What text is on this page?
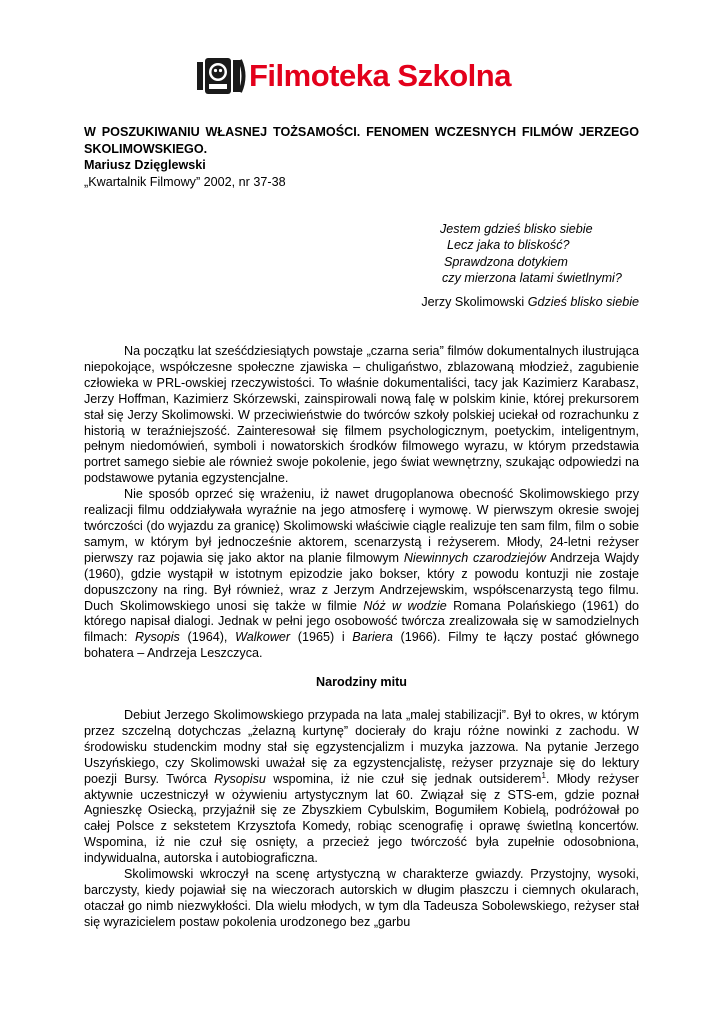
Filmoteka Szkolna
W POSZUKIWANIU WŁASNEJ TOŻSAMOŚCI. FENOMEN WCZESNYCH FILMÓW JERZEGO SKOLIMOWSKIEGO.
Mariusz Dzięglewski
„Kwartalnik Filmowy” 2002, nr 37-38
Jestem gdzieś blisko siebie
Lecz jaka to bliskość?
Sprawdzona dotykiem
czy mierzona latami świetlnymi?
Jerzy Skolimowski Gdzieś blisko siebie

Na początku lat sześćdziesiątych powstaje „czarna seria” filmów dokumentalnych ilustrująca niepokojące, współczesne społeczne zjawiska – chuligaństwo, zblazowaną młodzież, zagubienie człowieka w PRL-owskiej rzeczywistości. To właśnie dokumentaliści, tacy jak Kazimierz Karabasz, Jerzy Hoffman, Kazimierz Skórzewski, zainspirowali nową falę w polskim kinie, której prekursorem stał się Jerzy Skolimowski. W przeciwieństwie do twórców szkoły polskiej uciekał od rozrachunku z historią w teraźniejszość. Zainteresował się filmem psychologicznym, poetyckim, inteligentnym, pełnym niedomówień, symboli i nowatorskich środków filmowego wyrazu, w którym przedstawia portret samego siebie ale również swoje pokolenie, jego świat wewnętrzny, szukając odpowiedzi na podstawowe pytania egzystencjalne.

Nie sposób oprzeć się wrażeniu, iż nawet drugoplanowa obecność Skolimowskiego przy realizacji filmu oddziaływała wyraźnie na jego atmosferę i wymowę. W pierwszym okresie swojej twórczości (do wyjazdu za granicę) Skolimowski właściwie ciągle realizuje ten sam film, film o sobie samym, w którym był jednocześnie aktorem, scenarzystą i reżyserem. Młody, 24-letni reżyser pierwszy raz pojawia się jako aktor na planie filmowym Niewinnych czarodziejów Andrzeja Wajdy (1960), gdzie wystąpił w istotnym epizodzie jako bokser, który z powodu kontuzji nie zostaje dopuszczony na ring. Był również, wraz z Jerzym Andrzejewskim, współscenarzystą tego filmu. Duch Skolimowskiego unosi się także w filmie Nóż w wodzie Romana Polańskiego (1961) do którego napisał dialogi. Jednak w pełni jego osobowość twórcza zrealizowała się w samodzielnych filmach: Rysopis (1964), Walkower (1965) i Bariera (1966). Filmy te łączy postać głównego bohatera – Andrzeja Leszczyca.

Narodziny mitu

Debiut Jerzego Skolimowskiego przypada na lata „malej stabilizacji”. Był to okres, w którym przez szczelną dotychczas „żelazną kurtynę” docierały do kraju różne nowinki z zachodu. W środowisku studenckim modny stał się egzystencjalizm i muzyka jazzowa. Na pytanie Jerzego Uszyńskiego, czy Skolimowski uważał się za egzystencjalistę, reżyser przyznaje się do lektury poezji Bursy. Twórca Rysopisu wspomina, iż nie czuł się jednak outsiderem$^1$. Młody reżyser aktywnie uczestniczył w ożywieniu artystycznym lat 60. Związał się z STS-em, gdzie poznał Agnieszkę Osiecką, przyjaźnił się ze Zbyszkiem Cybulskim, Bogumiłem Kobielą, podróżował po całej Polsce z sekstetem Krzysztofa Komedy, robiąc scenografię i oprawę świetlną koncertów. Wspomina, iż nie czuł się osnięty, a przecież jego twórczość była zupełnie odosobniona, indywidualna, autorska i autobiograficzna.

Skolimowski wkroczył na scenę artystyczną w charakterze gwiazdy. Przystojny, wysoki, barczysty, kiedy pojawiał się na wieczorach autorskich w długim płaszczu i ciemnych okularach, otaczał go nimb niezwykłości. Dla wielu młodych, w tym dla Tadeusza Sobolewskiego, reżyser stał się wyrazicielem postaw pokolenia urodzonego bez „garbu
